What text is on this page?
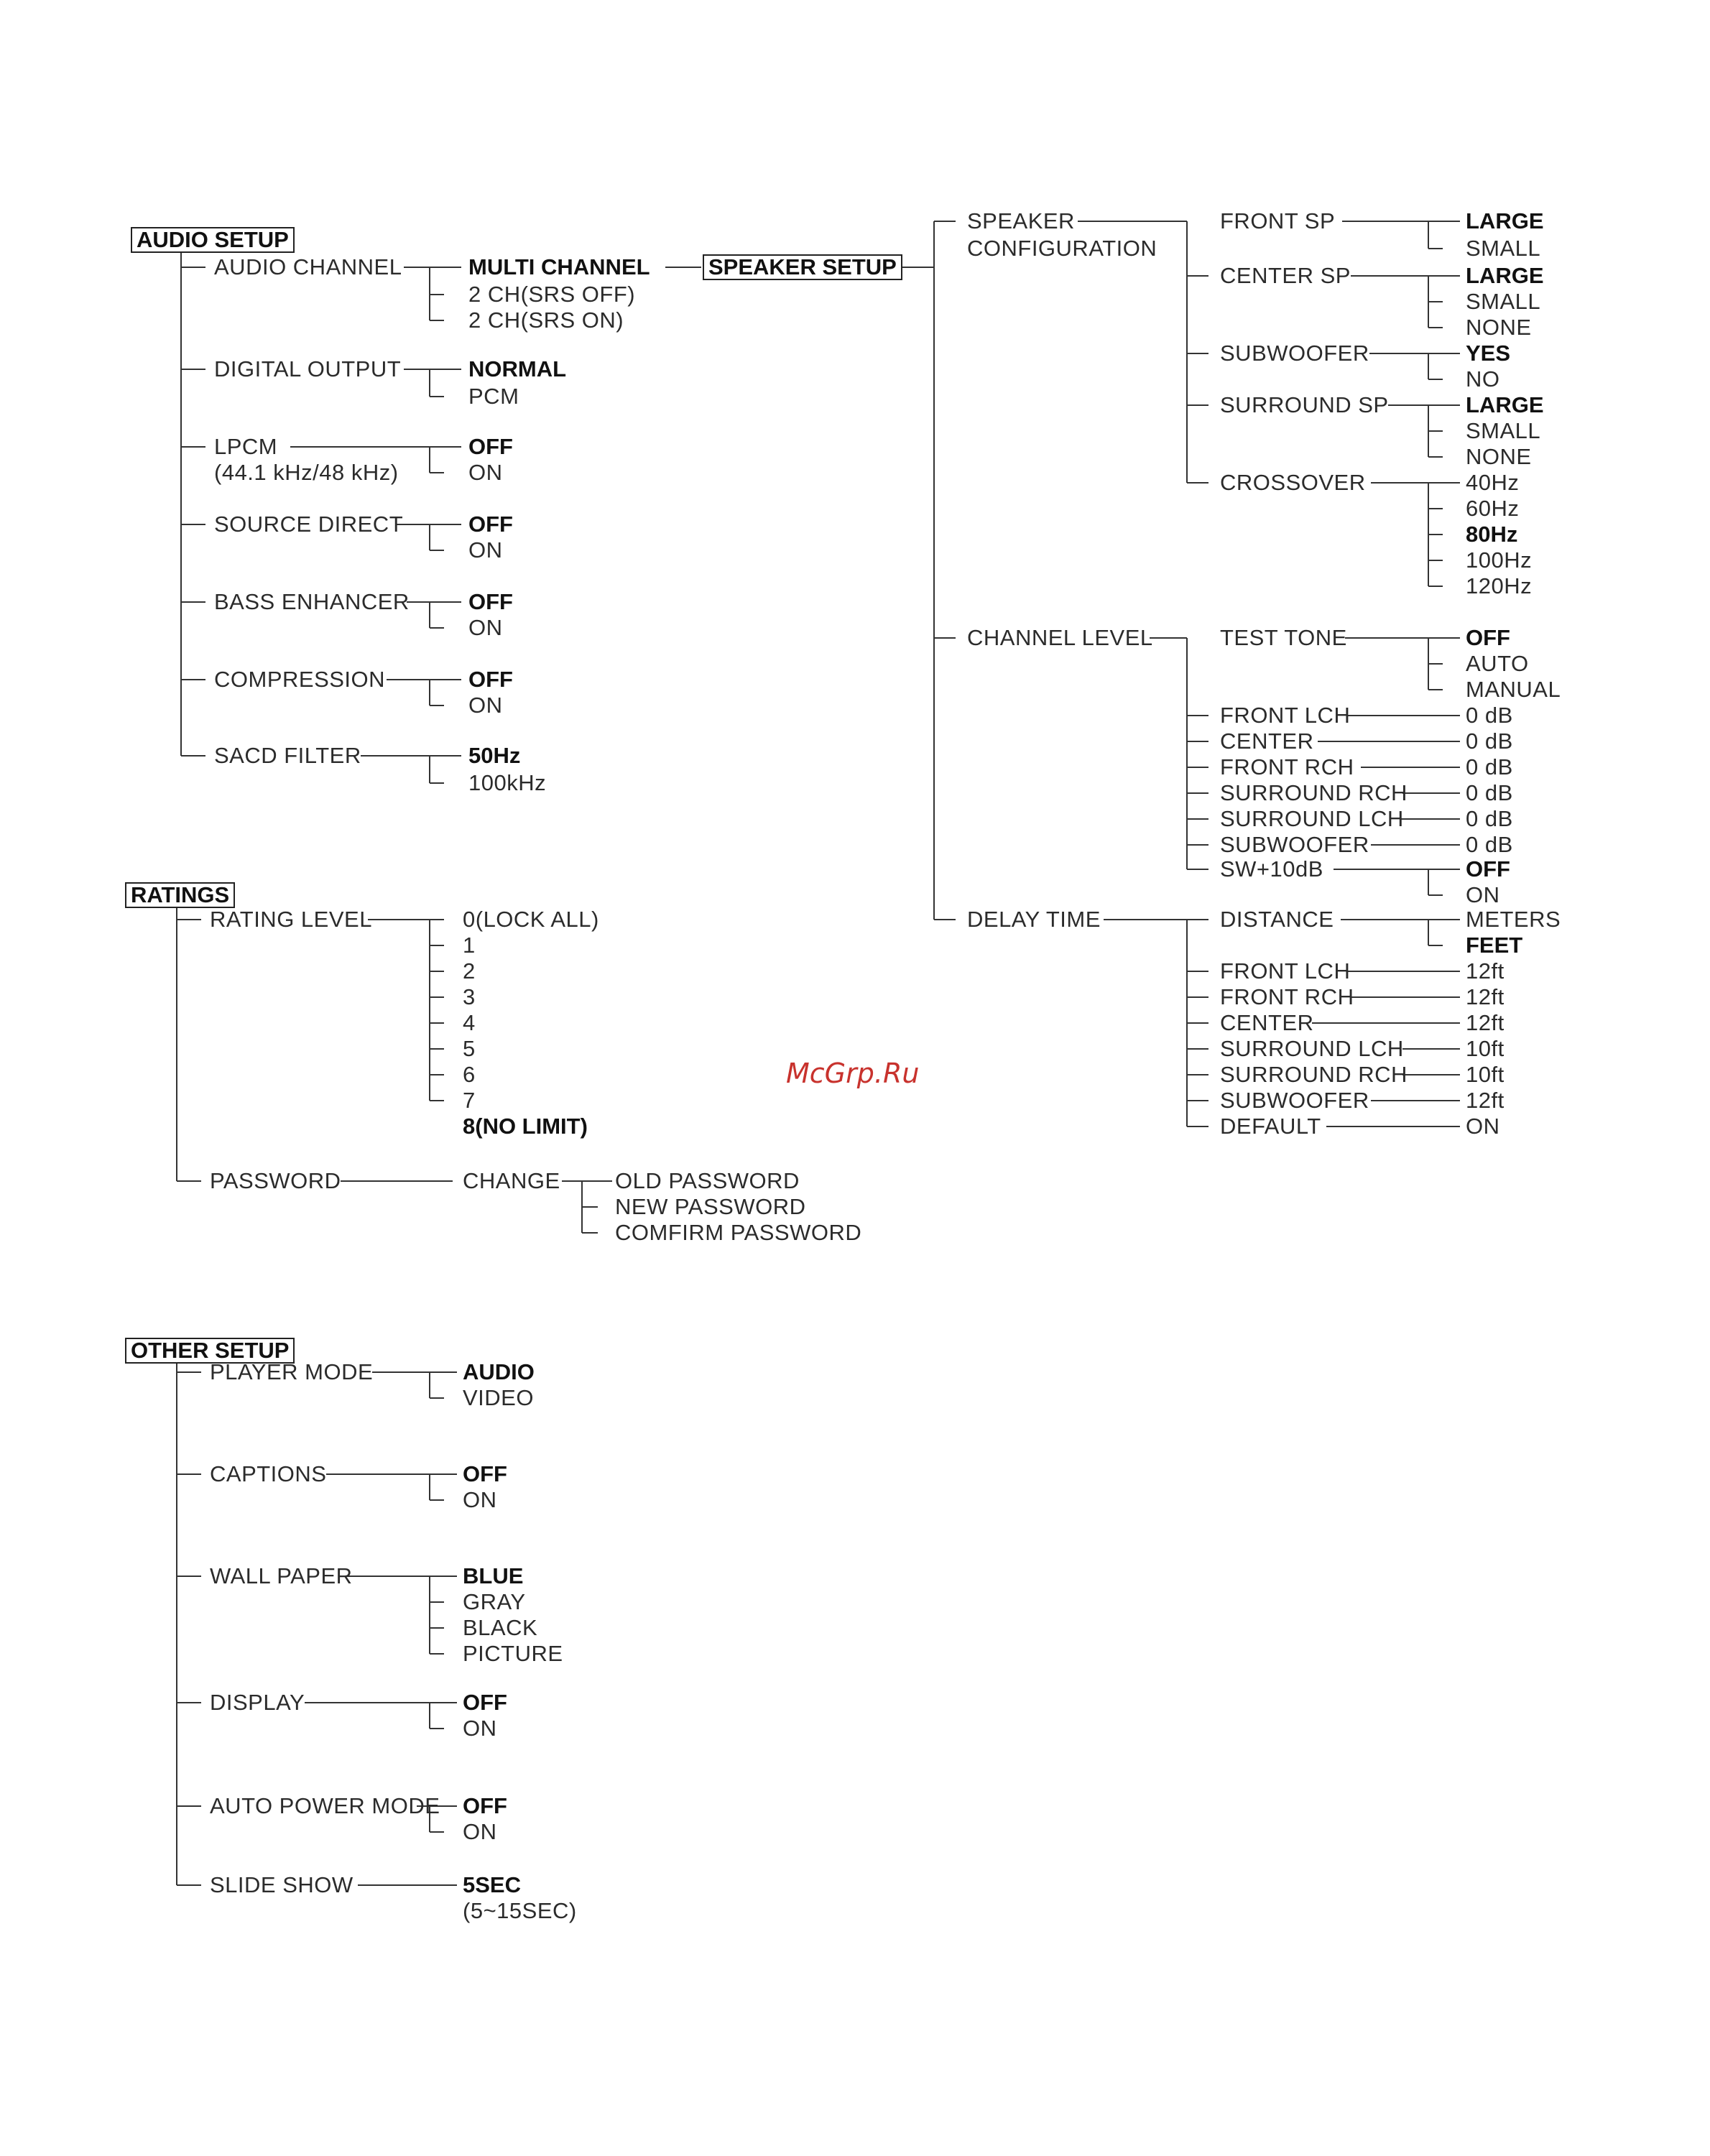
AUDIO SETUP
AUDIO CHANNEL	MULTI CHANNEL
2 CH(SRS OFF)
2 CH(SRS ON)
DIGITAL OUTPUT	NORMAL
PCM
LPCM
(44.1 kHz/48 kHz)
OFF
ON
SOURCE DIRECT	OFF
ON
BASS ENHANCER	OFF
ON
COMPRESSION	OFF
ON
SACD FILTER	50Hz
100kHz
SPEAKER SETUP
SPEAKER
CONFIGURATION
FRONT SP	LARGE
SMALL
CENTER SP	LARGE
SMALL
NONE
SUBWOOFER	YES
NO
SURROUND SP	LARGE
SMALL
NONE
CROSSOVER	40Hz
60Hz
80Hz
100Hz
120Hz
CHANNEL LEVEL	TEST TONE	OFF
AUTO
MANUAL
FRONT LCH	0 dB
CENTER	0 dB
FRONT RCH	0 dB
SURROUND RCH	0 dB
SURROUND LCH	0 dB
SUBWOOFER	0 dB
SW+10dB	OFF
ON
DELAY TIME	DISTANCE	METERS
FEET
FRONT LCH	12ft
FRONT RCH	12ft
CENTER	12ft
SURROUND LCH	10ft
SURROUND RCH	10ft
SUBWOOFER	12ft
DEFAULT	ON
McGrp.Ru
RATINGS
RATING LEVEL	0(LOCK ALL)
1
2
3
4
5
6
7
8(NO LIMIT)
PASSWORD	CHANGE OLD PASSWORD
NEW PASSWORD
COMFIRM PASSWORD
OTHER SETUP
PLAYER MODE	AUDIO
VIDEO
CAPTIONS	OFF
ON
WALL PAPER	BLUE
GRAY
BLACK
PICTURE
DISPLAY	OFF
ON
AUTO POWER MODE OFF
ON
SLIDE SHOW	5SEC
(5~15SEC)
